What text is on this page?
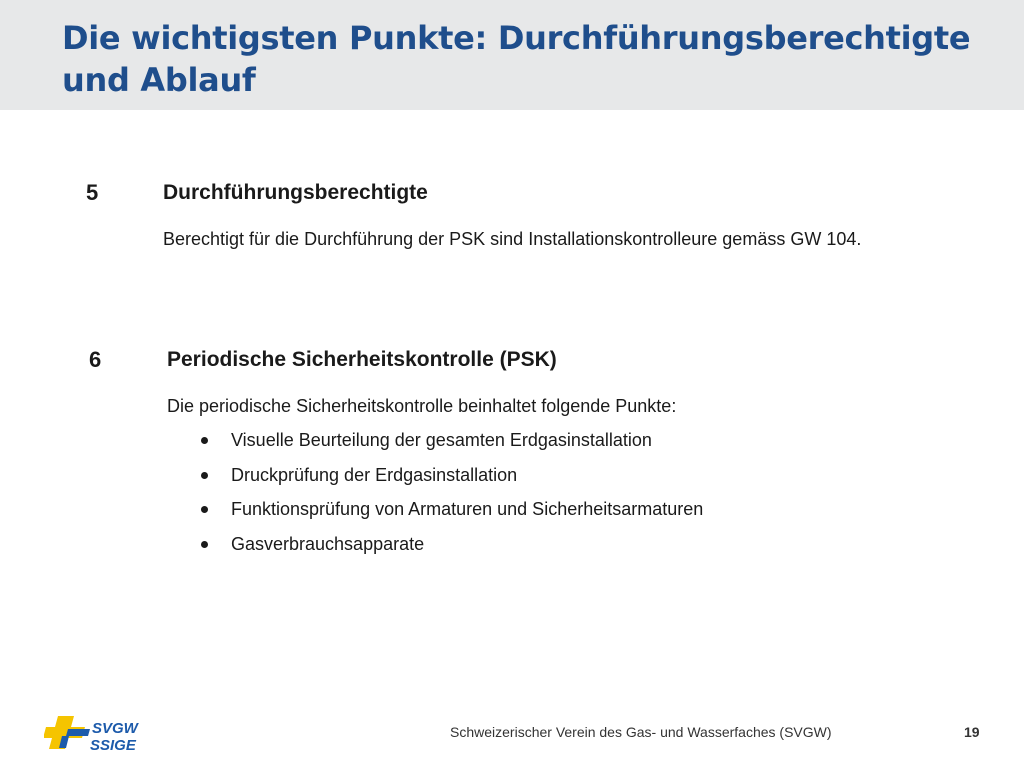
Die wichtigsten Punkte: Durchführungsberechtigte und Ablauf
5	Durchführungsberechtigte
Berechtigt für die Durchführung der PSK sind Installationskontrolleure gemäss GW 104.
6	Periodische Sicherheitskontrolle (PSK)
Die periodische Sicherheitskontrolle beinhaltet folgende Punkte:
Visuelle Beurteilung der gesamten Erdgasinstallation
Druckprüfung der Erdgasinstallation
Funktionsprüfung von Armaturen und Sicherheitsarmaturen
Gasverbrauchsapparate
SVGW
SSIGE
Schweizerischer Verein des Gas- und Wasserfaches (SVGW)	19
